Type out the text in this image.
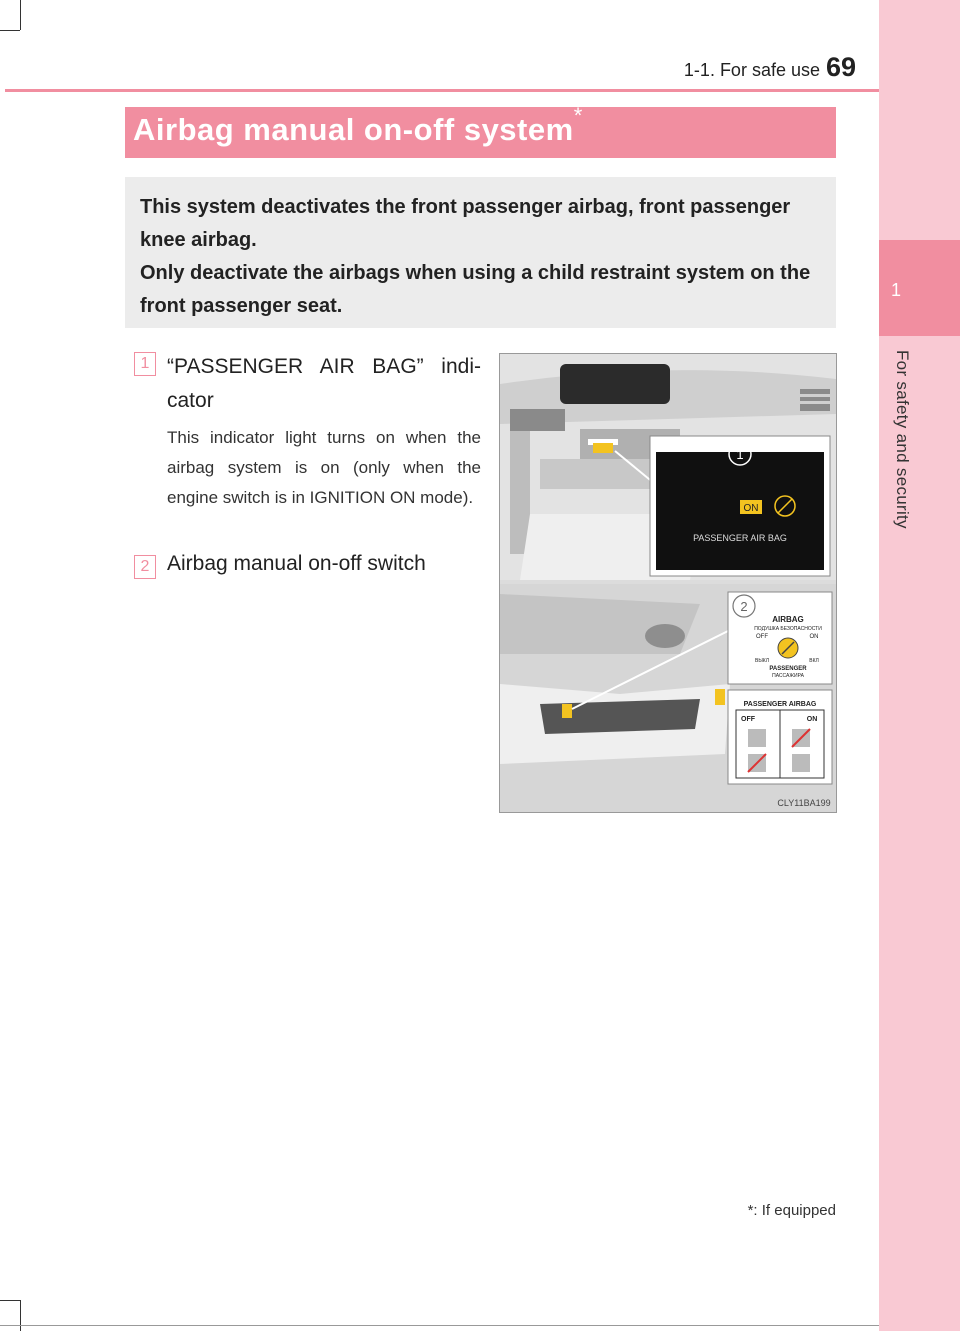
1
For safety and security
1-1. For safe use 69
Airbag manual on-off system*

This system deactivates the front passenger airbag, front passenger knee airbag.

Only deactivate the airbags when using a child restraint system on the front passenger seat.

1 “PASSENGER AIR BAG” indi-cator
This indicator light turns on when the airbag system is on (only when the engine switch is in IGNITION ON mode).
2 Airbag manual on-off switch
1
ON
PASSENGER AIR BAG
2
AIRBAG
ПОДУШКА БЕЗОПАСНОСТИ
OFF	ON
ВЫКЛ	ВКЛ
PASSENGER
ПАССАЖИРА
PASSENGER AIRBAG
OFF	ON
CLY11BA199
*: If equipped
